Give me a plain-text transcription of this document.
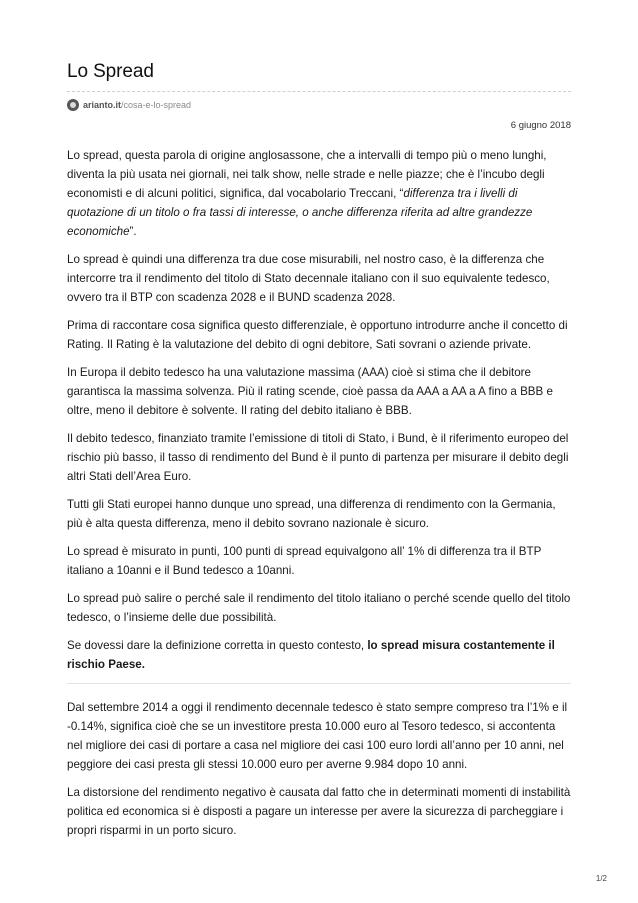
Lo Spread
arianto.it/cosa-e-lo-spread
6 giugno 2018

Lo spread, questa parola di origine anglosassone, che a intervalli di tempo più o meno lunghi, diventa la più usata nei giornali, nei talk show, nelle strade e nelle piazze; che è l’incubo degli economisti e di alcuni politici, significa, dal vocabolario Treccani, “differenza tra i livelli di quotazione di un titolo o fra tassi di interesse, o anche differenza riferita ad altre grandezze economiche”.

Lo spread è quindi una differenza tra due cose misurabili, nel nostro caso, è la differenza che intercorre tra il rendimento del titolo di Stato decennale italiano con il suo equivalente tedesco, ovvero tra il BTP con scadenza 2028 e il BUND scadenza 2028.

Prima di raccontare cosa significa questo differenziale, è opportuno introdurre anche il concetto di Rating. Il Rating è la valutazione del debito di ogni debitore, Sati sovrani o aziende private.

In Europa il debito tedesco ha una valutazione massima (AAA) cioè si stima che il debitore garantisca la massima solvenza. Più il rating scende, cioè passa da AAA a AA a A fino a BBB e oltre, meno il debitore è solvente. Il rating del debito italiano è BBB.

Il debito tedesco, finanziato tramite l’emissione di titoli di Stato, i Bund, è il riferimento europeo del rischio più basso, il tasso di rendimento del Bund è il punto di partenza per misurare il debito degli altri Stati dell’Area Euro.

Tutti gli Stati europei hanno dunque uno spread, una differenza di rendimento con la Germania, più è alta questa differenza, meno il debito sovrano nazionale è sicuro.

Lo spread è misurato in punti, 100 punti di spread equivalgono all’ 1% di differenza tra il BTP italiano a 10anni e il Bund tedesco a 10anni.

Lo spread può salire o perché sale il rendimento del titolo italiano o perché scende quello del titolo tedesco, o l’insieme delle due possibilità.

Se dovessi dare la definizione corretta in questo contesto, lo spread misura costantemente il rischio Paese.

Dal settembre 2014 a oggi il rendimento decennale tedesco è stato sempre compreso tra l’1% e il -0.14%, significa cioè che se un investitore presta 10.000 euro al Tesoro tedesco, si accontenta nel migliore dei casi di portare a casa nel migliore dei casi 100 euro lordi all’anno per 10 anni, nel peggiore dei casi presta gli stessi 10.000 euro per averne 9.984 dopo 10 anni.

La distorsione del rendimento negativo è causata dal fatto che in determinati momenti di instabilità politica ed economica si è disposti a pagare un interesse per avere la sicurezza di parcheggiare i propri risparmi in un porto sicuro.

1/2
